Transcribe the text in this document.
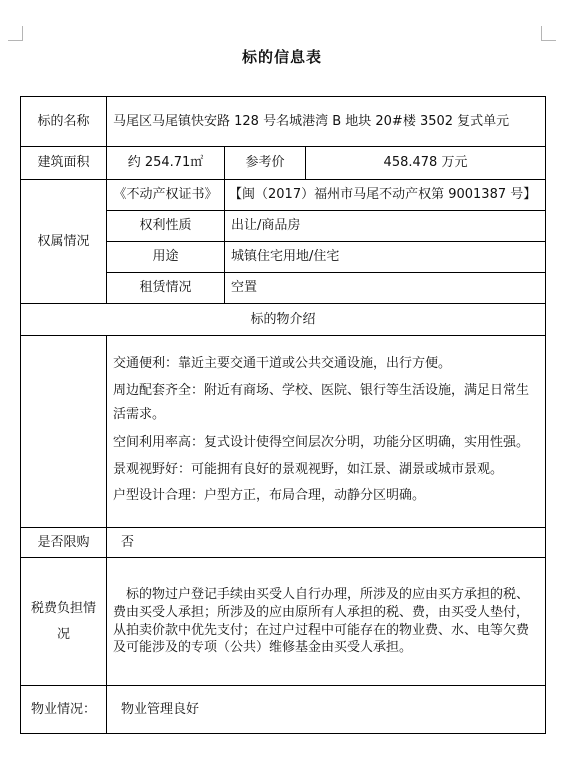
标的信息表
标的名称	马尾区马尾镇快安路 128 号名城港湾 B 地块 20#楼 3502 复式单元		
建筑面积	约 254.71㎡	参考价	458.478 万元
权属情况	《不动产权证书》	【闽（2017）福州市马尾不动产权第 9001387 号】	
	权利性质	出让/商品房	
	用途	城镇住宅用地/住宅	
	租赁情况	空置	
标的物介绍			

	交通便利：靠近主要交通干道或公共交通设施，出行方便。

周边配套齐全：附近有商场、学校、医院、银行等生活设施，满足日常生活需求。

空间利用率高：复式设计使得空间层次分明，功能分区明确，实用性强。

景观视野好：可能拥有良好的景观视野，如江景、湖景或城市景观。

户型设计合理：户型方正，布局合理，动静分区明确。		

是否限购	否		
税费负担情况	标的物过户登记手续由买受人自行办理，所涉及的应由买方承担的税、费由买受人承担；所涉及的应由原所有人承担的税、费，由买受人垫付，从拍卖价款中优先支付；在过户过程中可能存在的物业费、水、电等欠费及可能涉及的专项（公共）维修基金由买受人承担。		
物业情况：	物业管理良好		
